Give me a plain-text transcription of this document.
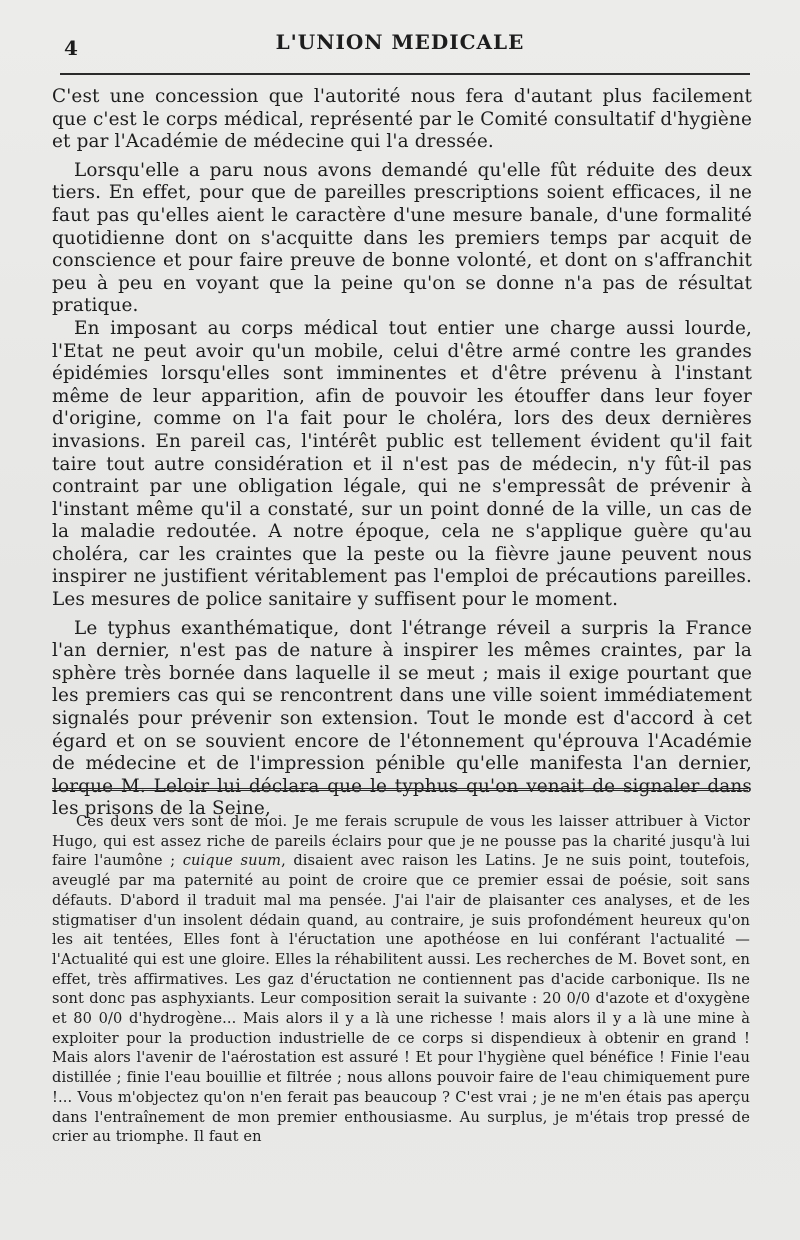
4	L'UNION MEDICALE

C'est une concession que l'autorité nous fera d'autant plus facilement que c'est le corps médical, représenté par le Comité consultatif d'hygiène et par l'Académie de médecine qui l'a dressée.

Lorsqu'elle a paru nous avons demandé qu'elle fût réduite des deux tiers. En effet, pour que de pareilles prescriptions soient efficaces, il ne faut pas qu'elles aient le caractère d'une mesure banale, d'une formalité quotidienne dont on s'acquitte dans les premiers temps par acquit de conscience et pour faire preuve de bonne volonté, et dont on s'affranchit peu à peu en voyant que la peine qu'on se donne n'a pas de résultat pratique.

En imposant au corps médical tout entier une charge aussi lourde, l'Etat ne peut avoir qu'un mobile, celui d'être armé contre les grandes épidémies lorsqu'elles sont imminentes et d'être prévenu à l'instant même de leur apparition, afin de pouvoir les étouffer dans leur foyer d'origine, comme on l'a fait pour le choléra, lors des deux dernières invasions. En pareil cas, l'intérêt public est tellement évident qu'il fait taire tout autre considération et il n'est pas de médecin, n'y fût-il pas contraint par une obligation légale, qui ne s'empressât de prévenir à l'instant même qu'il a constaté, sur un point donné de la ville, un cas de la maladie redoutée. A notre époque, cela ne s'applique guère qu'au choléra, car les craintes que la peste ou la fièvre jaune peuvent nous inspirer ne justifient véritablement pas l'emploi de précautions pareilles. Les mesures de police sanitaire y suffisent pour le moment.

Le typhus exanthématique, dont l'étrange réveil a surpris la France l'an dernier, n'est pas de nature à inspirer les mêmes craintes, par la sphère très bornée dans laquelle il se meut ; mais il exige pourtant que les premiers cas qui se rencontrent dans une ville soient immédiatement signalés pour prévenir son extension. Tout le monde est d'accord à cet égard et on se souvient encore de l'étonnement qu'éprouva l'Académie de médecine et de l'impression pénible qu'elle manifesta l'an dernier, lorque M. Leloir lui déclara que le typhus qu'on venait de signaler dans les prisons de la Seine,

Ces deux vers sont de moi. Je me ferais scrupule de vous les laisser attribuer à Victor Hugo, qui est assez riche de pareils éclairs pour que je ne pousse pas la charité jusqu'à lui faire l'aumône ; cuique suum, disaient avec raison les Latins. Je ne suis point, toutefois, aveuglé par ma paternité au point de croire que ce premier essai de poésie, soit sans défauts. D'abord il traduit mal ma pensée. J'ai l'air de plaisanter ces analyses, et de les stigmatiser d'un insolent dédain quand, au contraire, je suis profondément heureux qu'on les ait tentées, Elles font à l'éructation une apothéose en lui conférant l'actualité — l'Actualité qui est une gloire. Elles la réhabilitent aussi. Les recherches de M. Bovet sont, en effet, très affirmatives. Les gaz d'éructation ne contiennent pas d'acide carbonique. Ils ne sont donc pas asphyxiants. Leur composition serait la suivante : 20 0/0 d'azote et d'oxygène et 80 0/0 d'hydrogène... Mais alors il y a là une richesse ! mais alors il y a là une mine à exploiter pour la production industrielle de ce corps si dispendieux à obtenir en grand ! Mais alors l'avenir de l'aérostation est assuré ! Et pour l'hygiène quel bénéfice ! Finie l'eau distillée ; finie l'eau bouillie et filtrée ; nous allons pouvoir faire de l'eau chimiquement pure !... Vous m'objectez qu'on n'en ferait pas beaucoup ? C'est vrai ; je ne m'en étais pas aperçu dans l'entraînement de mon premier enthousiasme. Au surplus, je m'étais trop pressé de crier au triomphe. Il faut en
